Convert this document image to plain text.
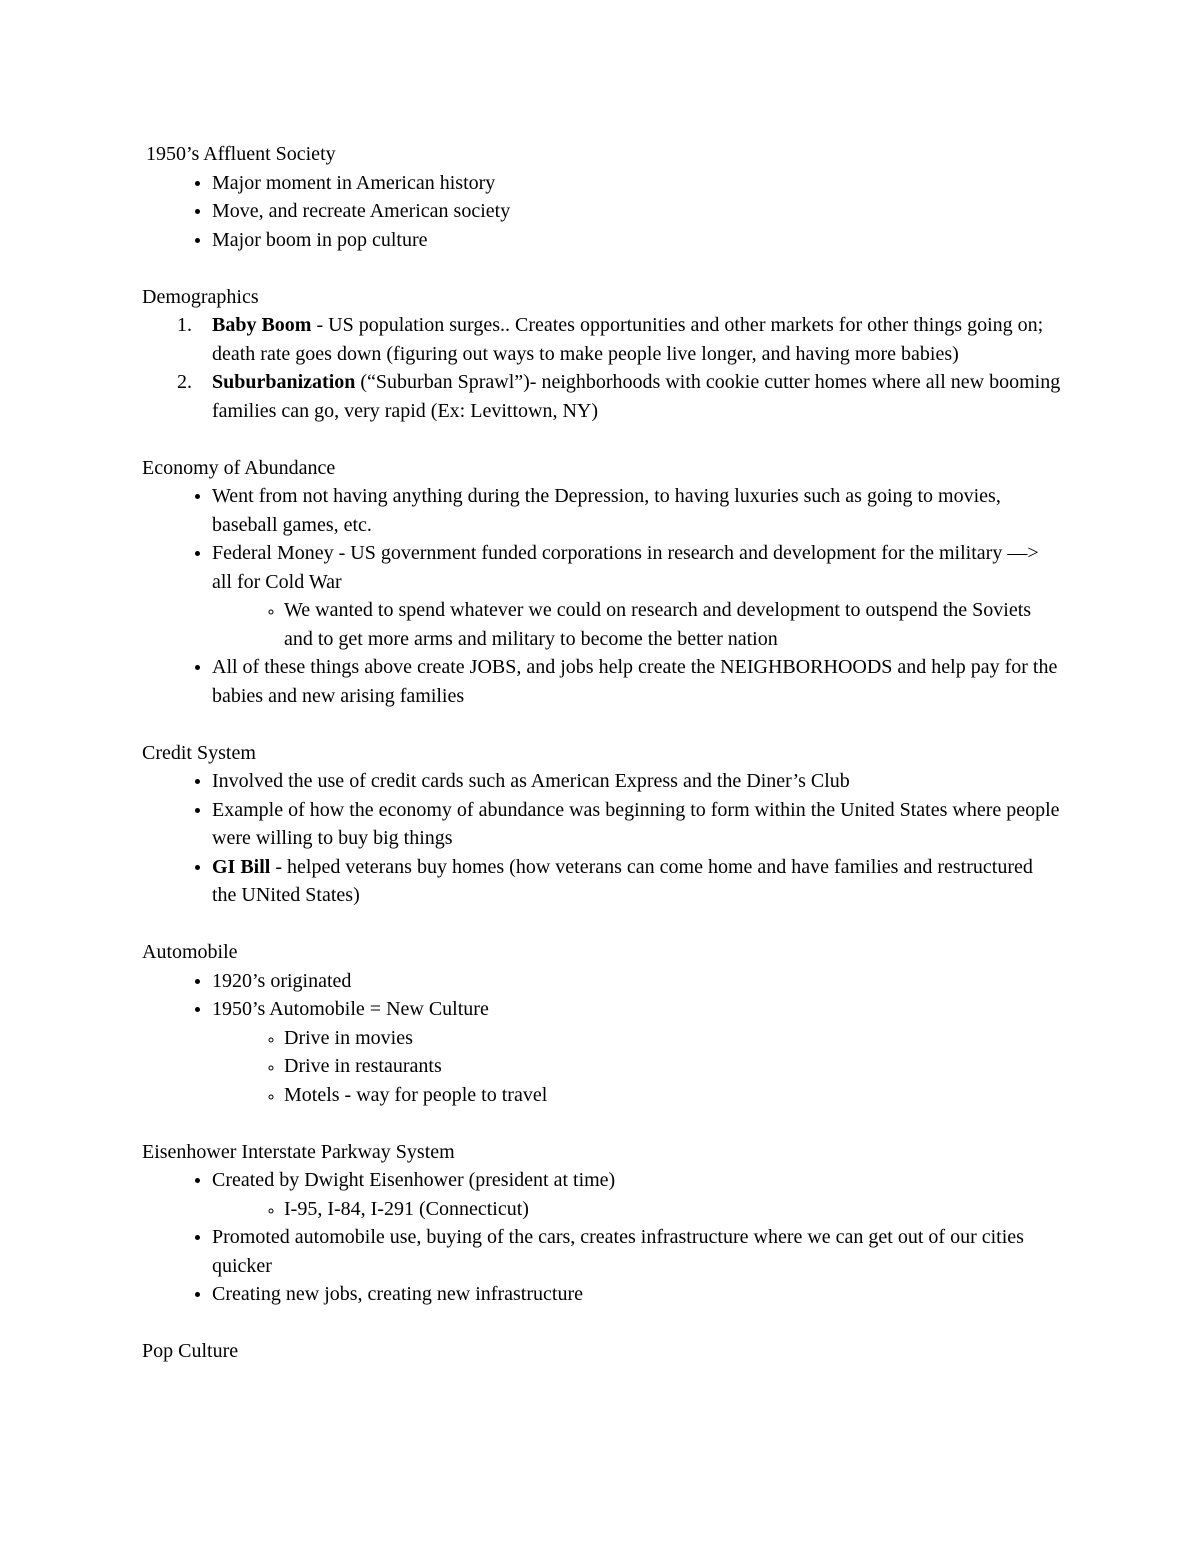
1950’s Affluent Society
• Major moment in American history
• Move, and recreate American society
• Major boom in pop culture
Demographics
1. Baby Boom - US population surges.. Creates opportunities and other markets for other things going on; death rate goes down (figuring out ways to make people live longer, and having more babies)
2. Suburbanization (“Suburban Sprawl”)- neighborhoods with cookie cutter homes where all new booming families can go, very rapid (Ex: Levittown, NY)
Economy of Abundance
• Went from not having anything during the Depression, to having luxuries such as going to movies, baseball games, etc.
• Federal Money - US government funded corporations in research and development for the military —> all for Cold War
◦ We wanted to spend whatever we could on research and development to outspend the Soviets and to get more arms and military to become the better nation
• All of these things above create JOBS, and jobs help create the NEIGHBORHOODS and help pay for the babies and new arising families
Credit System
• Involved the use of credit cards such as American Express and the Diner’s Club
• Example of how the economy of abundance was beginning to form within the United States where people were willing to buy big things
• GI Bill - helped veterans buy homes (how veterans can come home and have families and restructured the UNited States)
Automobile
• 1920’s originated
• 1950’s Automobile = New Culture
◦ Drive in movies
◦ Drive in restaurants
◦ Motels - way for people to travel
Eisenhower Interstate Parkway System
• Created by Dwight Eisenhower (president at time)
◦ I-95, I-84, I-291 (Connecticut)
• Promoted automobile use, buying of the cars, creates infrastructure where we can get out of our cities quicker
• Creating new jobs, creating new infrastructure
Pop Culture
